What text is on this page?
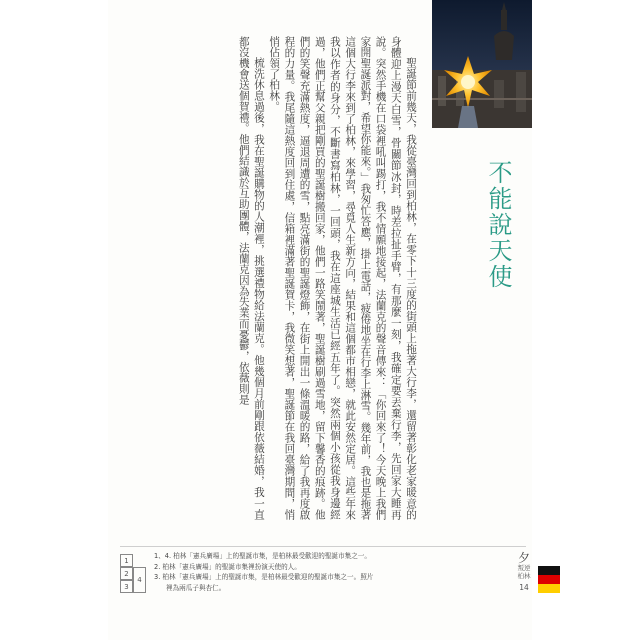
不能說天使

聖誕節前幾天，我從臺灣回到柏林，在零下十三度的街頭上拖著大行李，還留著彰化老家暖意的身體迎上漫天白雪，骨關節冰封，時差拉扯手臂，有那麼一刻，我確定要丟棄行李，先回家大睡再說。突然手機在口袋裡吼叫踢打，我不情願地接起，法蘭克的聲音傳來：「你回來了！今天晚上我們家開聖誕派對，希望你能來。」我匆忙答應，掛上電話，疲倦地坐在行李上淋雪。幾年前，我也是拖著這個大行李來到了柏林，來學習，尋覓人生新方向，結果和這個都市相戀，就此安然定居。這些年來我以作者的身分，不斷書寫柏林，一回頭，我在這座城生活已經五年了。突然兩個小孩從我身邊經過，他們正幫父親把剛買的聖誕樹搬回家，他們一路笑鬧著，聖誕樹刷過雪地，留下馨香的痕跡。他們的笑聲充滿熱度，逼退周遭的雪，點亮滿街的聖誕燈飾，在街上開出一條溫暖的路，給了我再度啟程的力量。我尾隨這熱度回到住處，信箱裡滿著聖誕賀卡，我微笑想著，聖誕節在我回臺灣期間，悄悄佔領了柏林。

梳洗休息過後，我在聖誕購物的人潮裡，挑選禮物給法蘭克。他幾個月前剛跟依薇結婚，我一直都沒機會送個賀禮。他們結識於互助團體，法蘭克因為失業而憂鬱，依薇則是

1
2
3
4
1、4. 柏林「憲兵廣場」上的聖誕市集，是柏林最受歡迎的聖誕市集之一。
2. 柏林「憲兵廣場」的聖誕市集裡扮演天使的人。
3. 柏林「憲兵廣場」上的聖誕市集，是柏林最受歡迎的聖誕市集之一。照片
裡為兩瓜子與杏仁。
夕
叛逆
柏林
14
